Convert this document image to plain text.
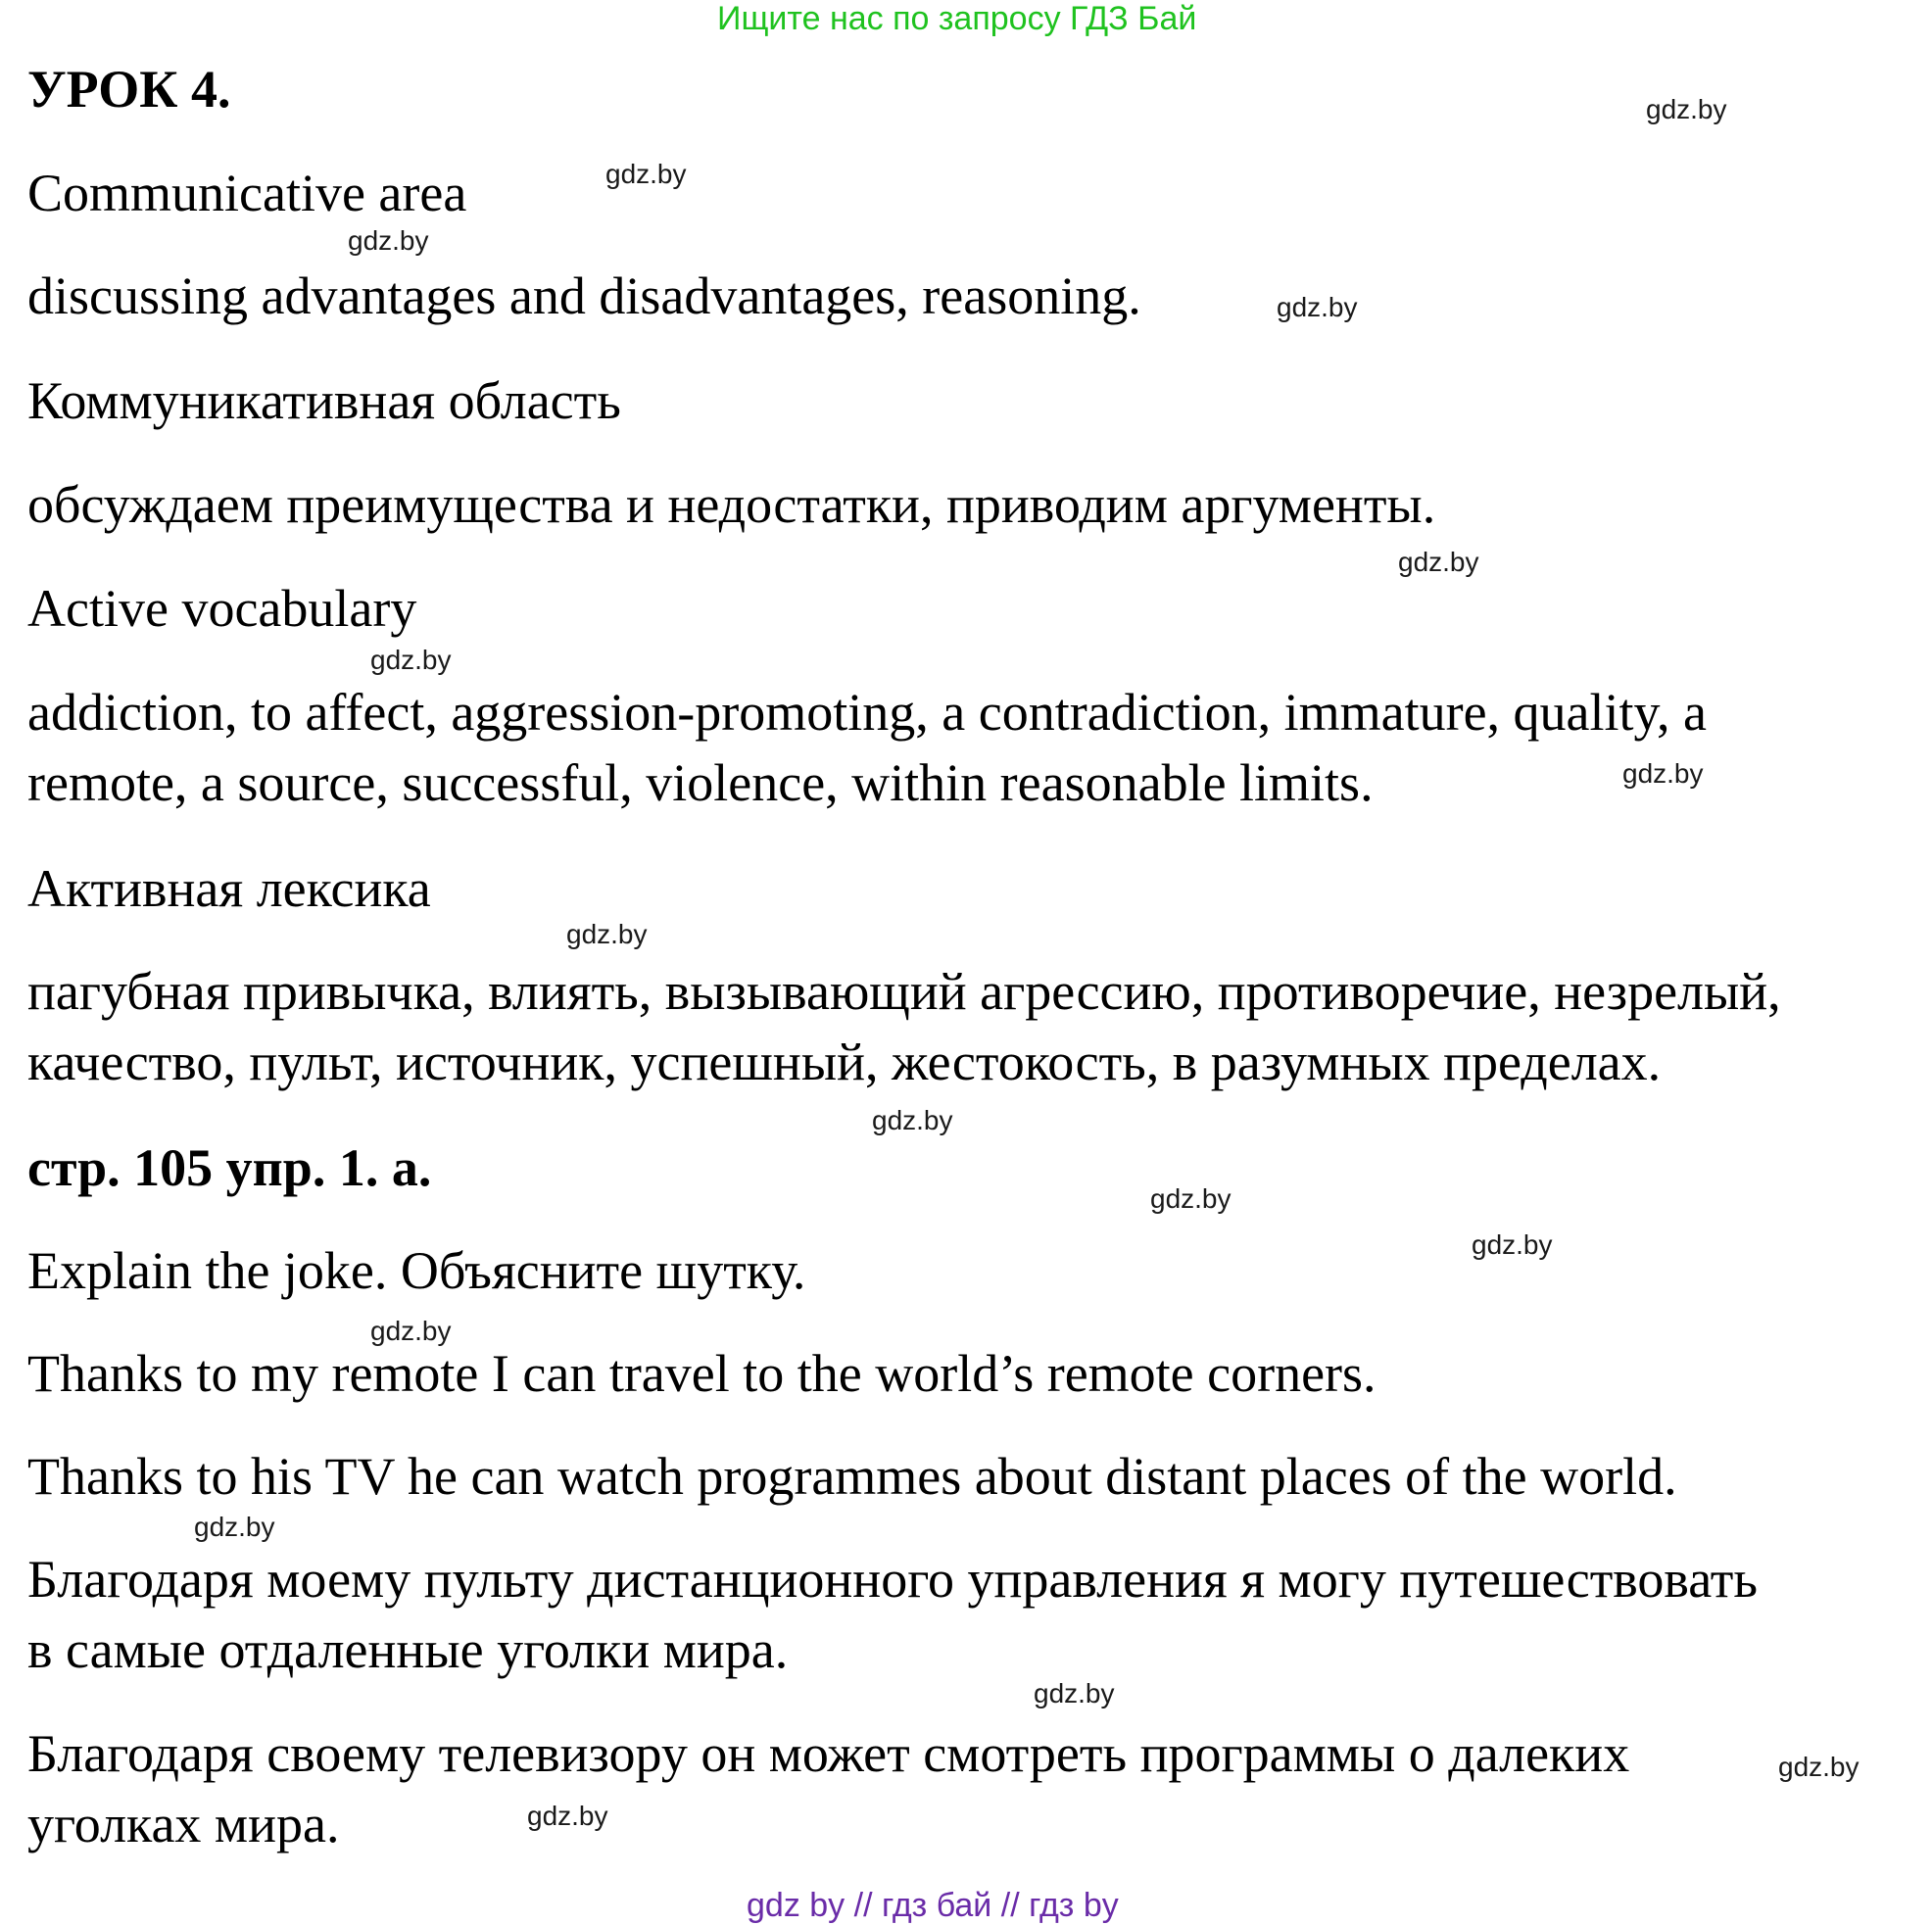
Ищите нас по запросу ГДЗ Бай
УРОК 4.
Communicative area
discussing advantages and disadvantages, reasoning.
Коммуникативная область
обсуждаем преимущества и недостатки, приводим аргументы.
Active vocabulary
addiction, to affect, aggression-promoting, a contradiction, immature, quality, a
remote, a source, successful, violence, within reasonable limits.
Активная лексика
пагубная привычка, влиять, вызывающий агрессию, противоречие, незрелый,
качество, пульт, источник, успешный, жестокость, в разумных пределах.
стр. 105 упр. 1. а.
Explain the joke. Объясните шутку.
Thanks to my remote I can travel to the world’s remote corners.
Thanks to his TV he can watch programmes about distant places of the world.
Благодаря моему пульту дистанционного управления я могу путешествовать
в самые отдаленные уголки мира.
Благодаря своему телевизору он может смотреть программы о далеких
уголках мира.
gdz.by
gdz.by
gdz.by
gdz.by
gdz.by
gdz.by
gdz.by
gdz.by
gdz.by
gdz.by
gdz.by
gdz.by
gdz.by
gdz.by
gdz.by
gdz.by
gdz by // гдз бай // гдз by
